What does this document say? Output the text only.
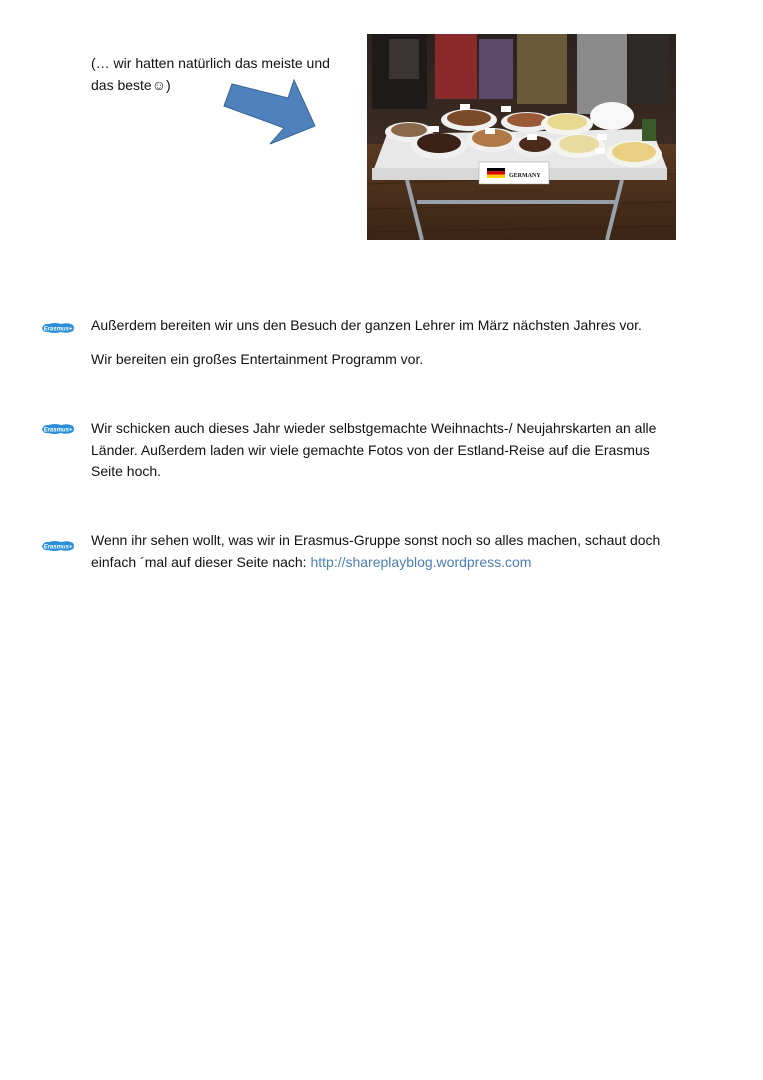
(… wir hatten natürlich das meiste und
das beste☺)
GERMANY
Erasmus+ Außerdem bereiten wir uns den Besuch der ganzen Lehrer im März nächsten Jahres vor.

Wir bereiten ein großes Entertainment Programm vor.

Erasmus+ Wir schicken auch dieses Jahr wieder selbstgemachte Weihnachts-/ Neujahrskarten an alle Länder. Außerdem laden wir viele gemachte Fotos von der Estland-Reise auf die Erasmus Seite hoch.

Erasmus+ Wenn ihr sehen wollt, was wir in Erasmus-Gruppe sonst noch so alles machen, schaut doch einfach ´mal auf dieser Seite nach: http://shareplayblog.wordpress.com
